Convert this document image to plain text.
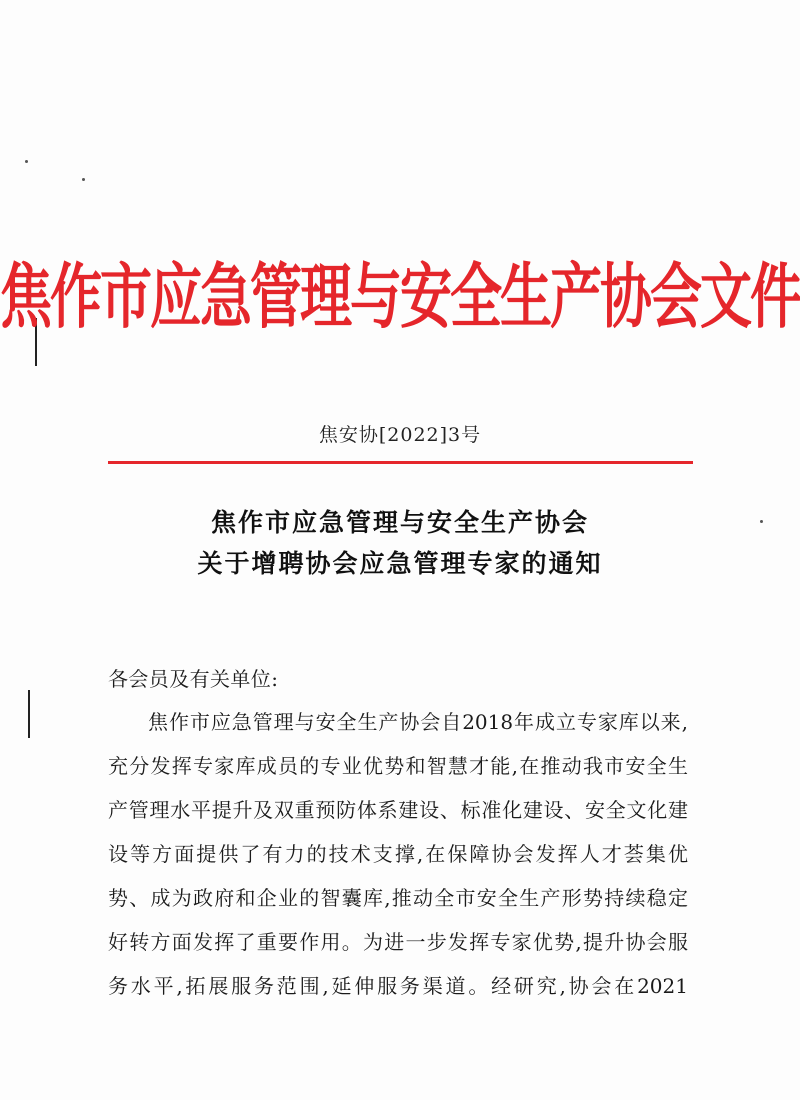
焦作市应急管理与安全生产协会文件
焦安协[2022]3号
焦作市应急管理与安全生产协会
关于增聘协会应急管理专家的通知
各会员及有关单位:
焦作市应急管理与安全生产协会自2018年成立专家库以来,
充分发挥专家库成员的专业优势和智慧才能,在推动我市安全生
产管理水平提升及双重预防体系建设、标准化建设、安全文化建
设等方面提供了有力的技术支撑,在保障协会发挥人才荟集优
势、成为政府和企业的智囊库,推动全市安全生产形势持续稳定
好转方面发挥了重要作用。为进一步发挥专家优势,提升协会服
务水平,拓展服务范围,延伸服务渠道。经研究,协会在2021
